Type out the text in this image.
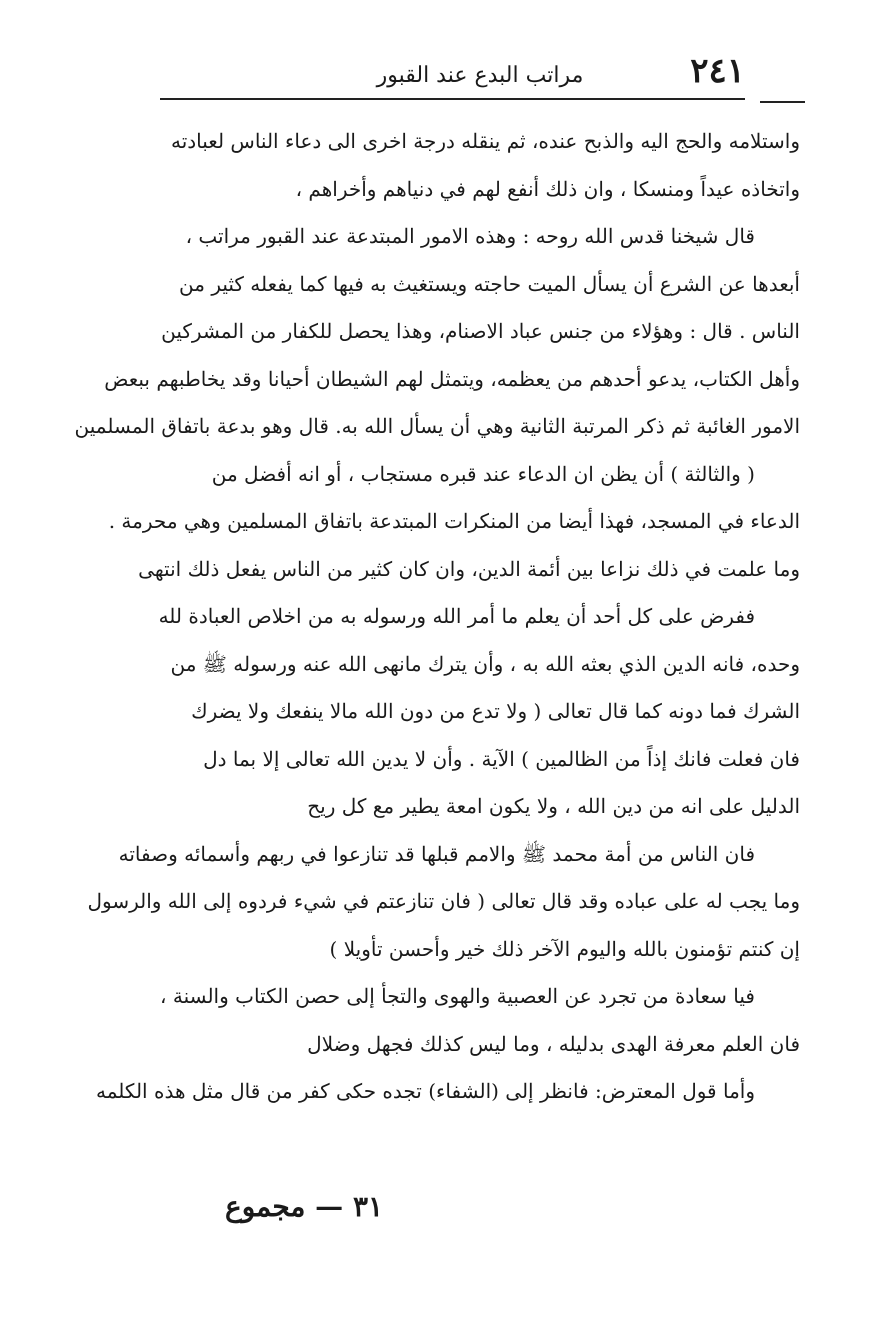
٢٤١
مراتب البدع عند القبور
واستلامه والحج اليه والذبح عنده، ثم ينقله درجة اخرى الى دعاء الناس لعبادته
واتخاذه عيداً ومنسكا ، وان ذلك أنفع لهم في دنياهم وأخراهم ،
قال شيخنا قدس الله روحه : وهذه الامور المبتدعة عند القبور مراتب ،
أبعدها عن الشرع أن يسأل الميت حاجته ويستغيث به فيها كما يفعله كثير من
الناس . قال : وهؤلاء من جنس عباد الاصنام، وهذا يحصل للكفار من المشركين
وأهل الكتاب، يدعو أحدهم من يعظمه، ويتمثل لهم الشيطان أحيانا وقد يخاطبهم ببعض
الامور الغائبة ثم ذكر المرتبة الثانية وهي أن يسأل الله به. قال وهو بدعة باتفاق المسلمين
( والثالثة ) أن يظن ان الدعاء عند قبره مستجاب ، أو انه أفضل من
الدعاء في المسجد، فهذا أيضا من المنكرات المبتدعة باتفاق المسلمين وهي محرمة .
وما علمت في ذلك نزاعا بين أئمة الدين، وان كان كثير من الناس يفعل ذلك انتهى
ففرض على كل أحد أن يعلم ما أمر الله ورسوله به من اخلاص العبادة لله
وحده، فانه الدين الذي بعثه الله به ، وأن يترك مانهى الله عنه ورسوله ﷺ من
الشرك فما دونه كما قال تعالى ( ولا تدع من دون الله مالا ينفعك ولا يضرك
فان فعلت فانك إذاً من الظالمين ) الآية . وأن لا يدين الله تعالى إلا بما دل
الدليل على انه من دين الله ، ولا يكون امعة يطير مع كل ريح
فان الناس من أمة محمد ﷺ والامم قبلها قد تنازعوا في ربهم وأسمائه وصفاته
وما يجب له على عباده وقد قال تعالى ( فان تنازعتم في شيء فردوه إلى الله والرسول
إن كنتم تؤمنون بالله واليوم الآخر ذلك خير وأحسن تأويلا )
فيا سعادة من تجرد عن العصبية والهوى والتجأ إلى حصن الكتاب والسنة ،
فان العلم معرفة الهدى بدليله ، وما ليس كذلك فجهل وضلال
وأما قول المعترض: فانظر إلى (الشفاء) تجده حكى كفر من قال مثل هذه الكلمه
٣١ — مجموع
